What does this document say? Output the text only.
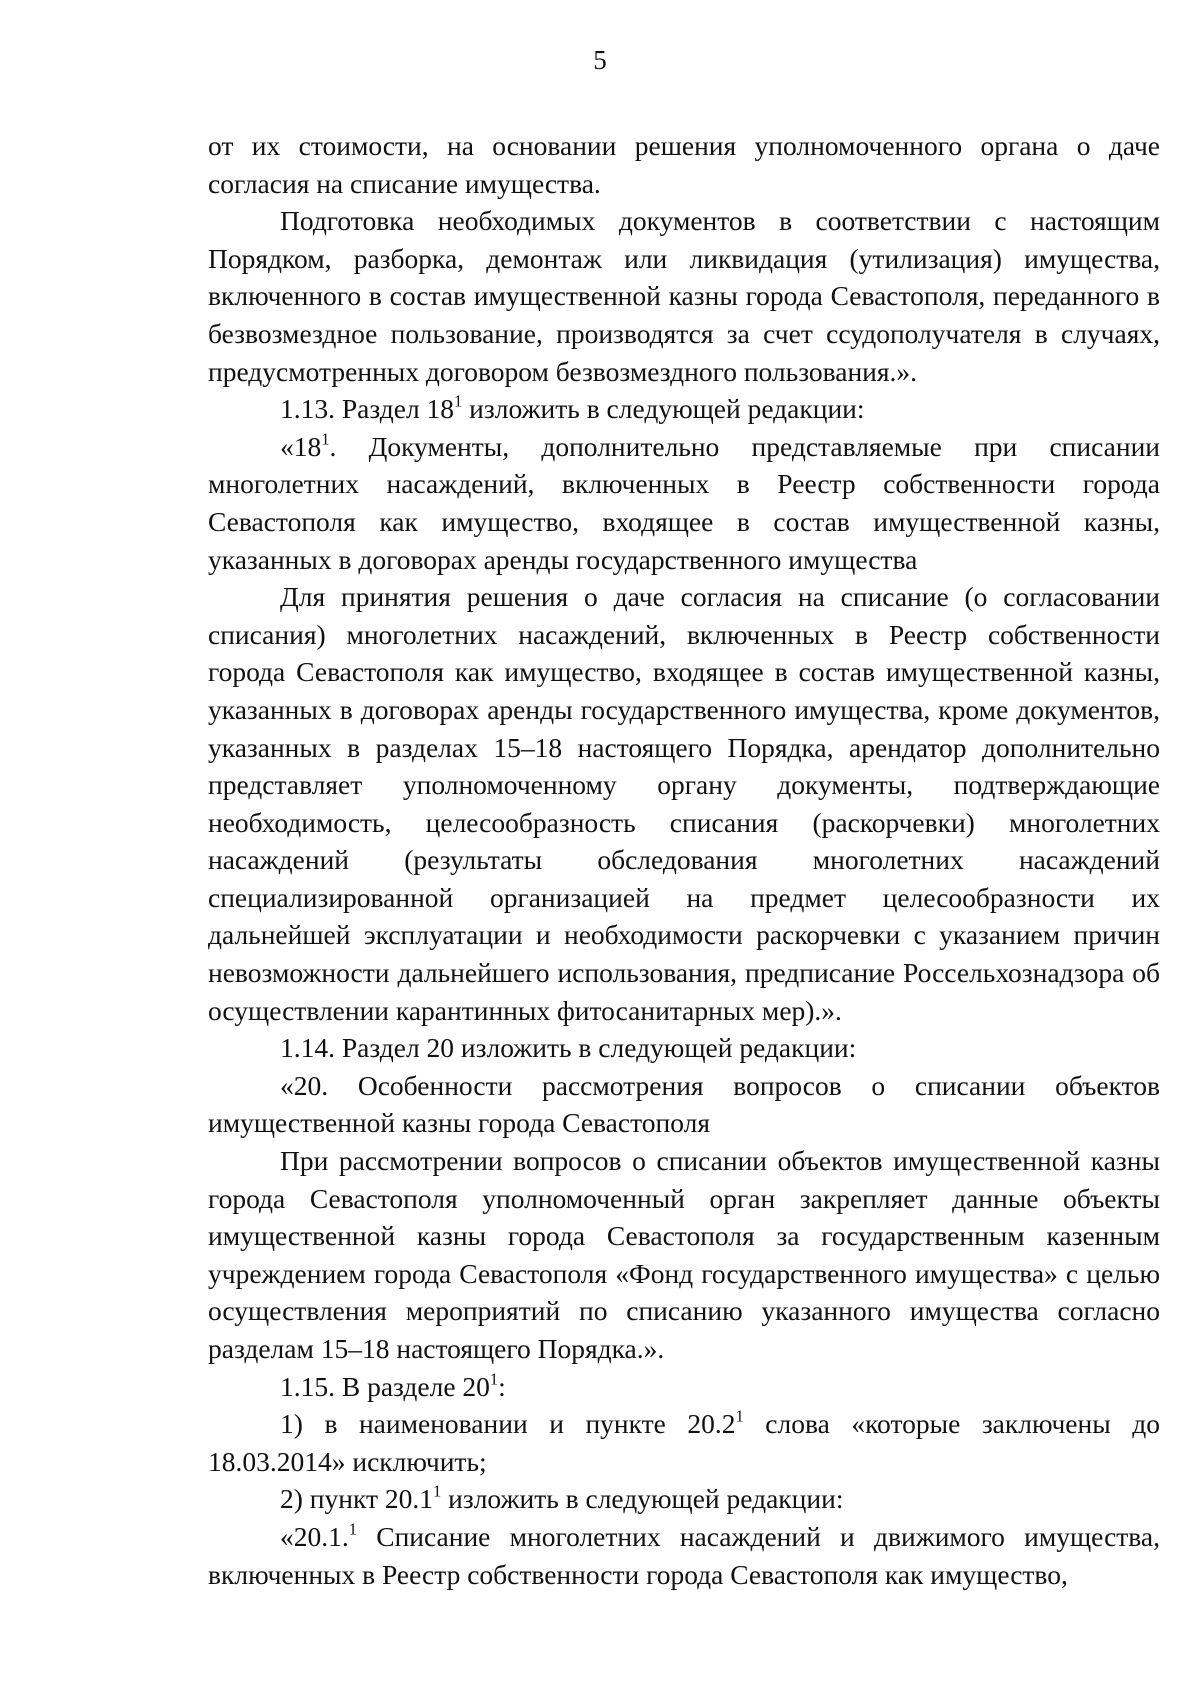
5

от их стоимости, на основании решения уполномоченного органа о даче согласия на списание имущества.

Подготовка необходимых документов в соответствии с настоящим Порядком, разборка, демонтаж или ликвидация (утилизация) имущества, включенного в состав имущественной казны города Севастополя, переданного в безвозмездное пользование, производятся за счет ссудополучателя в случаях, предусмотренных договором безвозмездного пользования.».

1.13. Раздел $18^1$ изложить в следующей редакции:

«$18^1$. Документы, дополнительно представляемые при списании многолетних насаждений, включенных в Реестр собственности города Севастополя как имущество, входящее в состав имущественной казны, указанных в договорах аренды государственного имущества

Для принятия решения о даче согласия на списание (о согласовании списания) многолетних насаждений, включенных в Реестр собственности города Севастополя как имущество, входящее в состав имущественной казны, указанных в договорах аренды государственного имущества, кроме документов, указанных в разделах 15–18 настоящего Порядка, арендатор дополнительно представляет уполномоченному органу документы, подтверждающие необходимость, целесообразность списания (раскорчевки) многолетних насаждений (результаты обследования многолетних насаждений специализированной организацией на предмет целесообразности их дальнейшей эксплуатации и необходимости раскорчевки с указанием причин невозможности дальнейшего использования, предписание Россельхознадзора об осуществлении карантинных фитосанитарных мер).».

1.14. Раздел 20 изложить в следующей редакции:

«20. Особенности рассмотрения вопросов о списании объектов имущественной казны города Севастополя

При рассмотрении вопросов о списании объектов имущественной казны города Севастополя уполномоченный орган закрепляет данные объекты имущественной казны города Севастополя за государственным казенным учреждением города Севастополя «Фонд государственного имущества» с целью осуществления мероприятий по списанию указанного имущества согласно разделам 15–18 настоящего Порядка.».

1.15. В разделе $20^1$:

1) в наименовании и пункте 20.2$^1$ слова «которые заключены до 18.03.2014» исключить;

2) пункт 20.1$^1$ изложить в следующей редакции:

«20.1.$^1$ Списание многолетних насаждений и движимого имущества, включенных в Реестр собственности города Севастополя как имущество,
